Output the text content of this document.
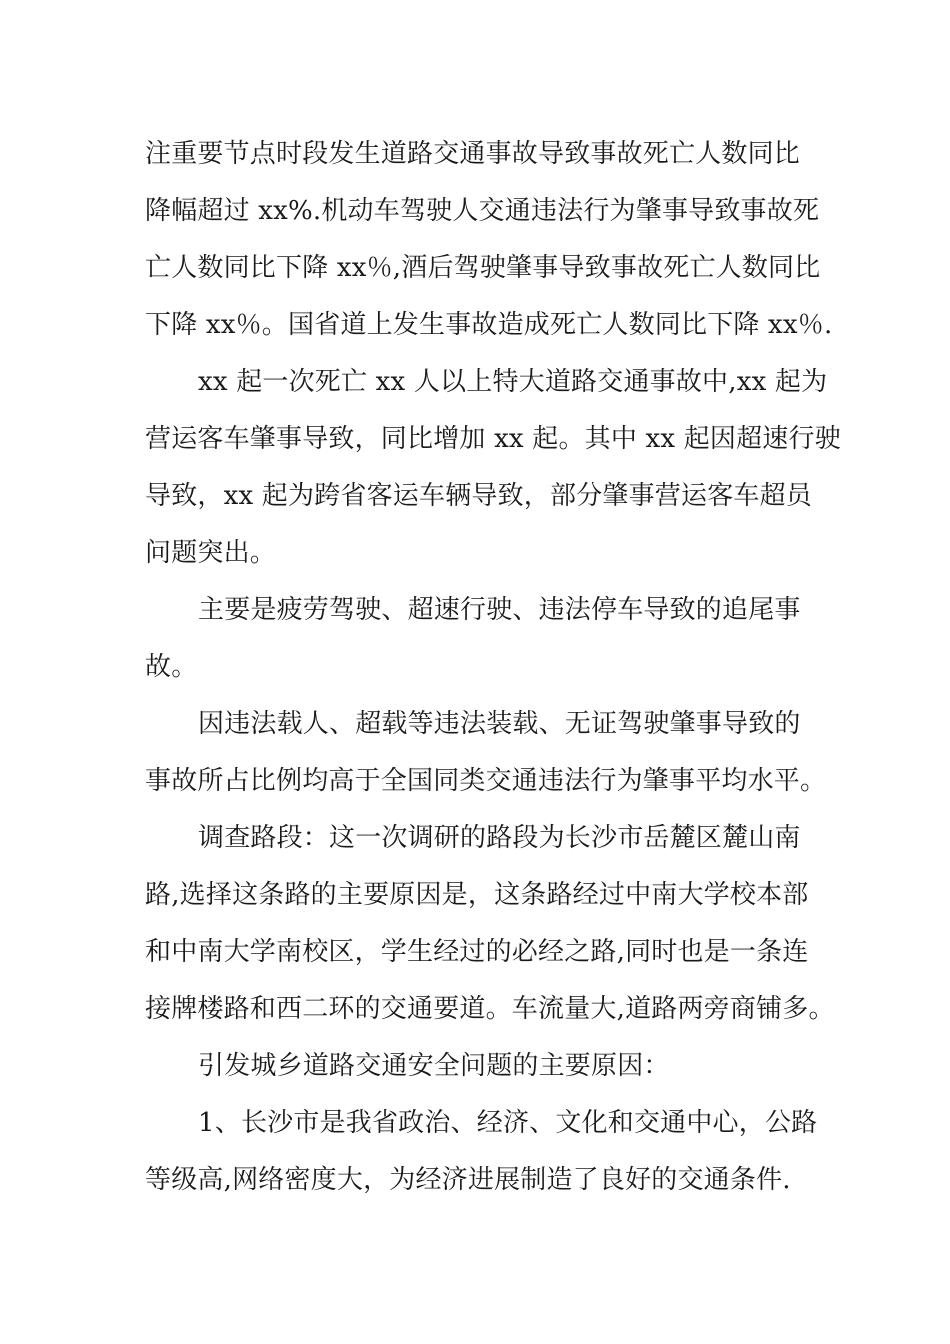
注重要节点时段发生道路交通事故导致事故死亡人数同比
降幅超过 xx%.机动车驾驶人交通违法行为肇事导致事故死
亡人数同比下降 xx％,酒后驾驶肇事导致事故死亡人数同比
下降 xx％。国省道上发生事故造成死亡人数同比下降 xx％.
xx 起一次死亡 xx 人以上特大道路交通事故中,xx 起为
营运客车肇事导致，同比增加 xx 起。其中 xx 起因超速行驶
导致，xx 起为跨省客运车辆导致，部分肇事营运客车超员
问题突出。
主要是疲劳驾驶、超速行驶、违法停车导致的追尾事
故。
因违法载人、超载等违法装载、无证驾驶肇事导致的
事故所占比例均高于全国同类交通违法行为肇事平均水平。
调查路段：这一次调研的路段为长沙市岳麓区麓山南
路,选择这条路的主要原因是，这条路经过中南大学校本部
和中南大学南校区，学生经过的必经之路,同时也是一条连
接牌楼路和西二环的交通要道。车流量大,道路两旁商铺多。
引发城乡道路交通安全问题的主要原因：
1、长沙市是我省政治、经济、文化和交通中心，公路
等级高,网络密度大，为经济进展制造了良好的交通条件.
